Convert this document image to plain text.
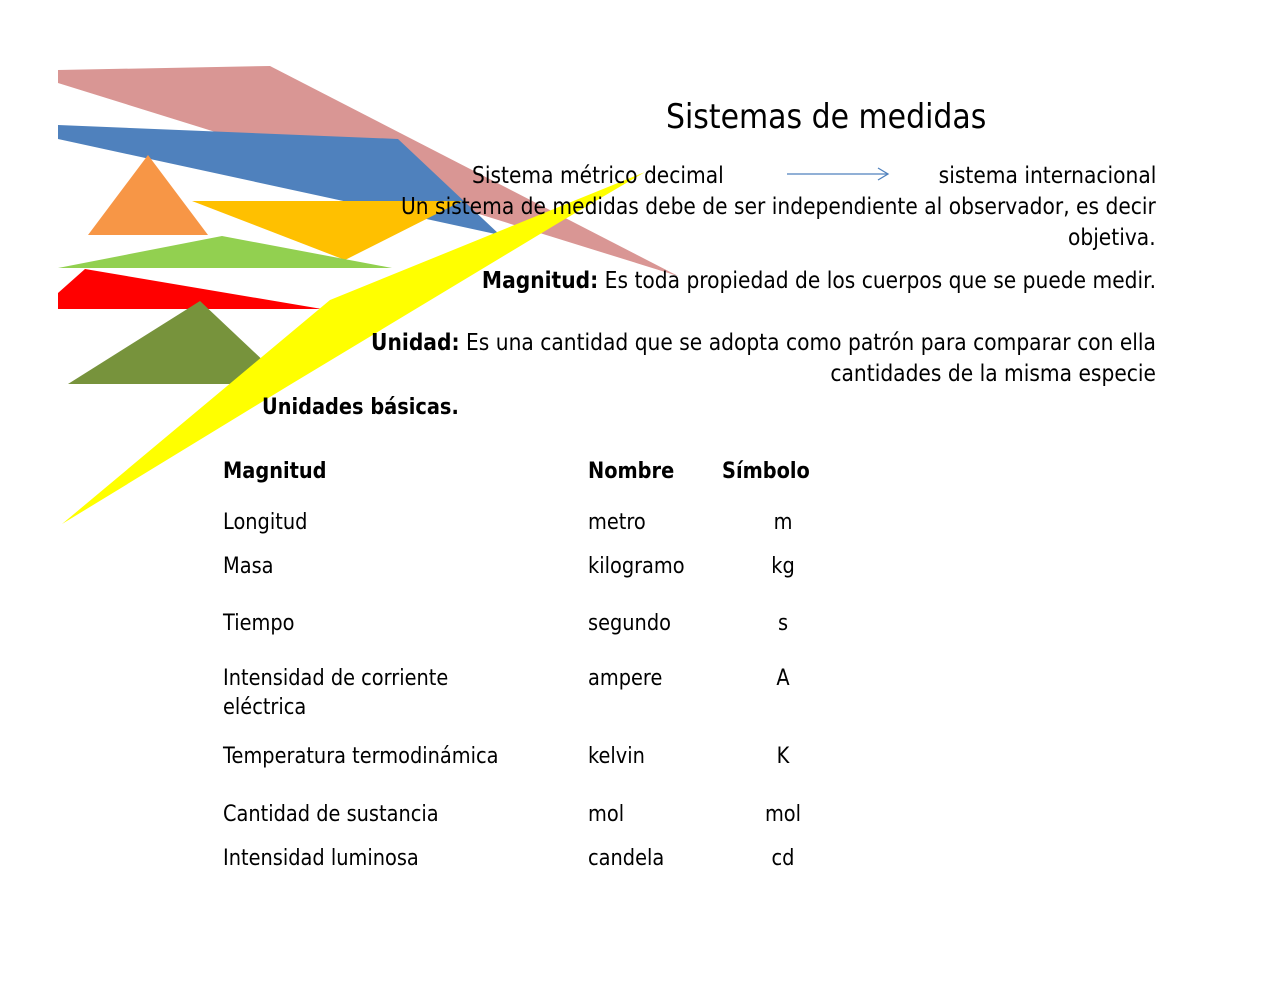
Sistemas de medidas
Sistema métrico decimal	sistema internacional
Un sistema de medidas debe de ser independiente al observador, es decir
objetiva.
Magnitud: Es toda propiedad de los cuerpos que se puede medir.
Unidad: Es una cantidad que se adopta como patrón para comparar con ella
cantidades de la misma especie
Unidades básicas.
Magnitud	Nombre Símbolo
Longitud	metro	m
Masa	kilogramo	kg
Tiempo	segundo	s
Intensidad de corriente
eléctrica
ampere	A
Temperatura termodinámica	kelvin	K
Cantidad de sustancia	mol	mol
Intensidad luminosa	candela	cd
